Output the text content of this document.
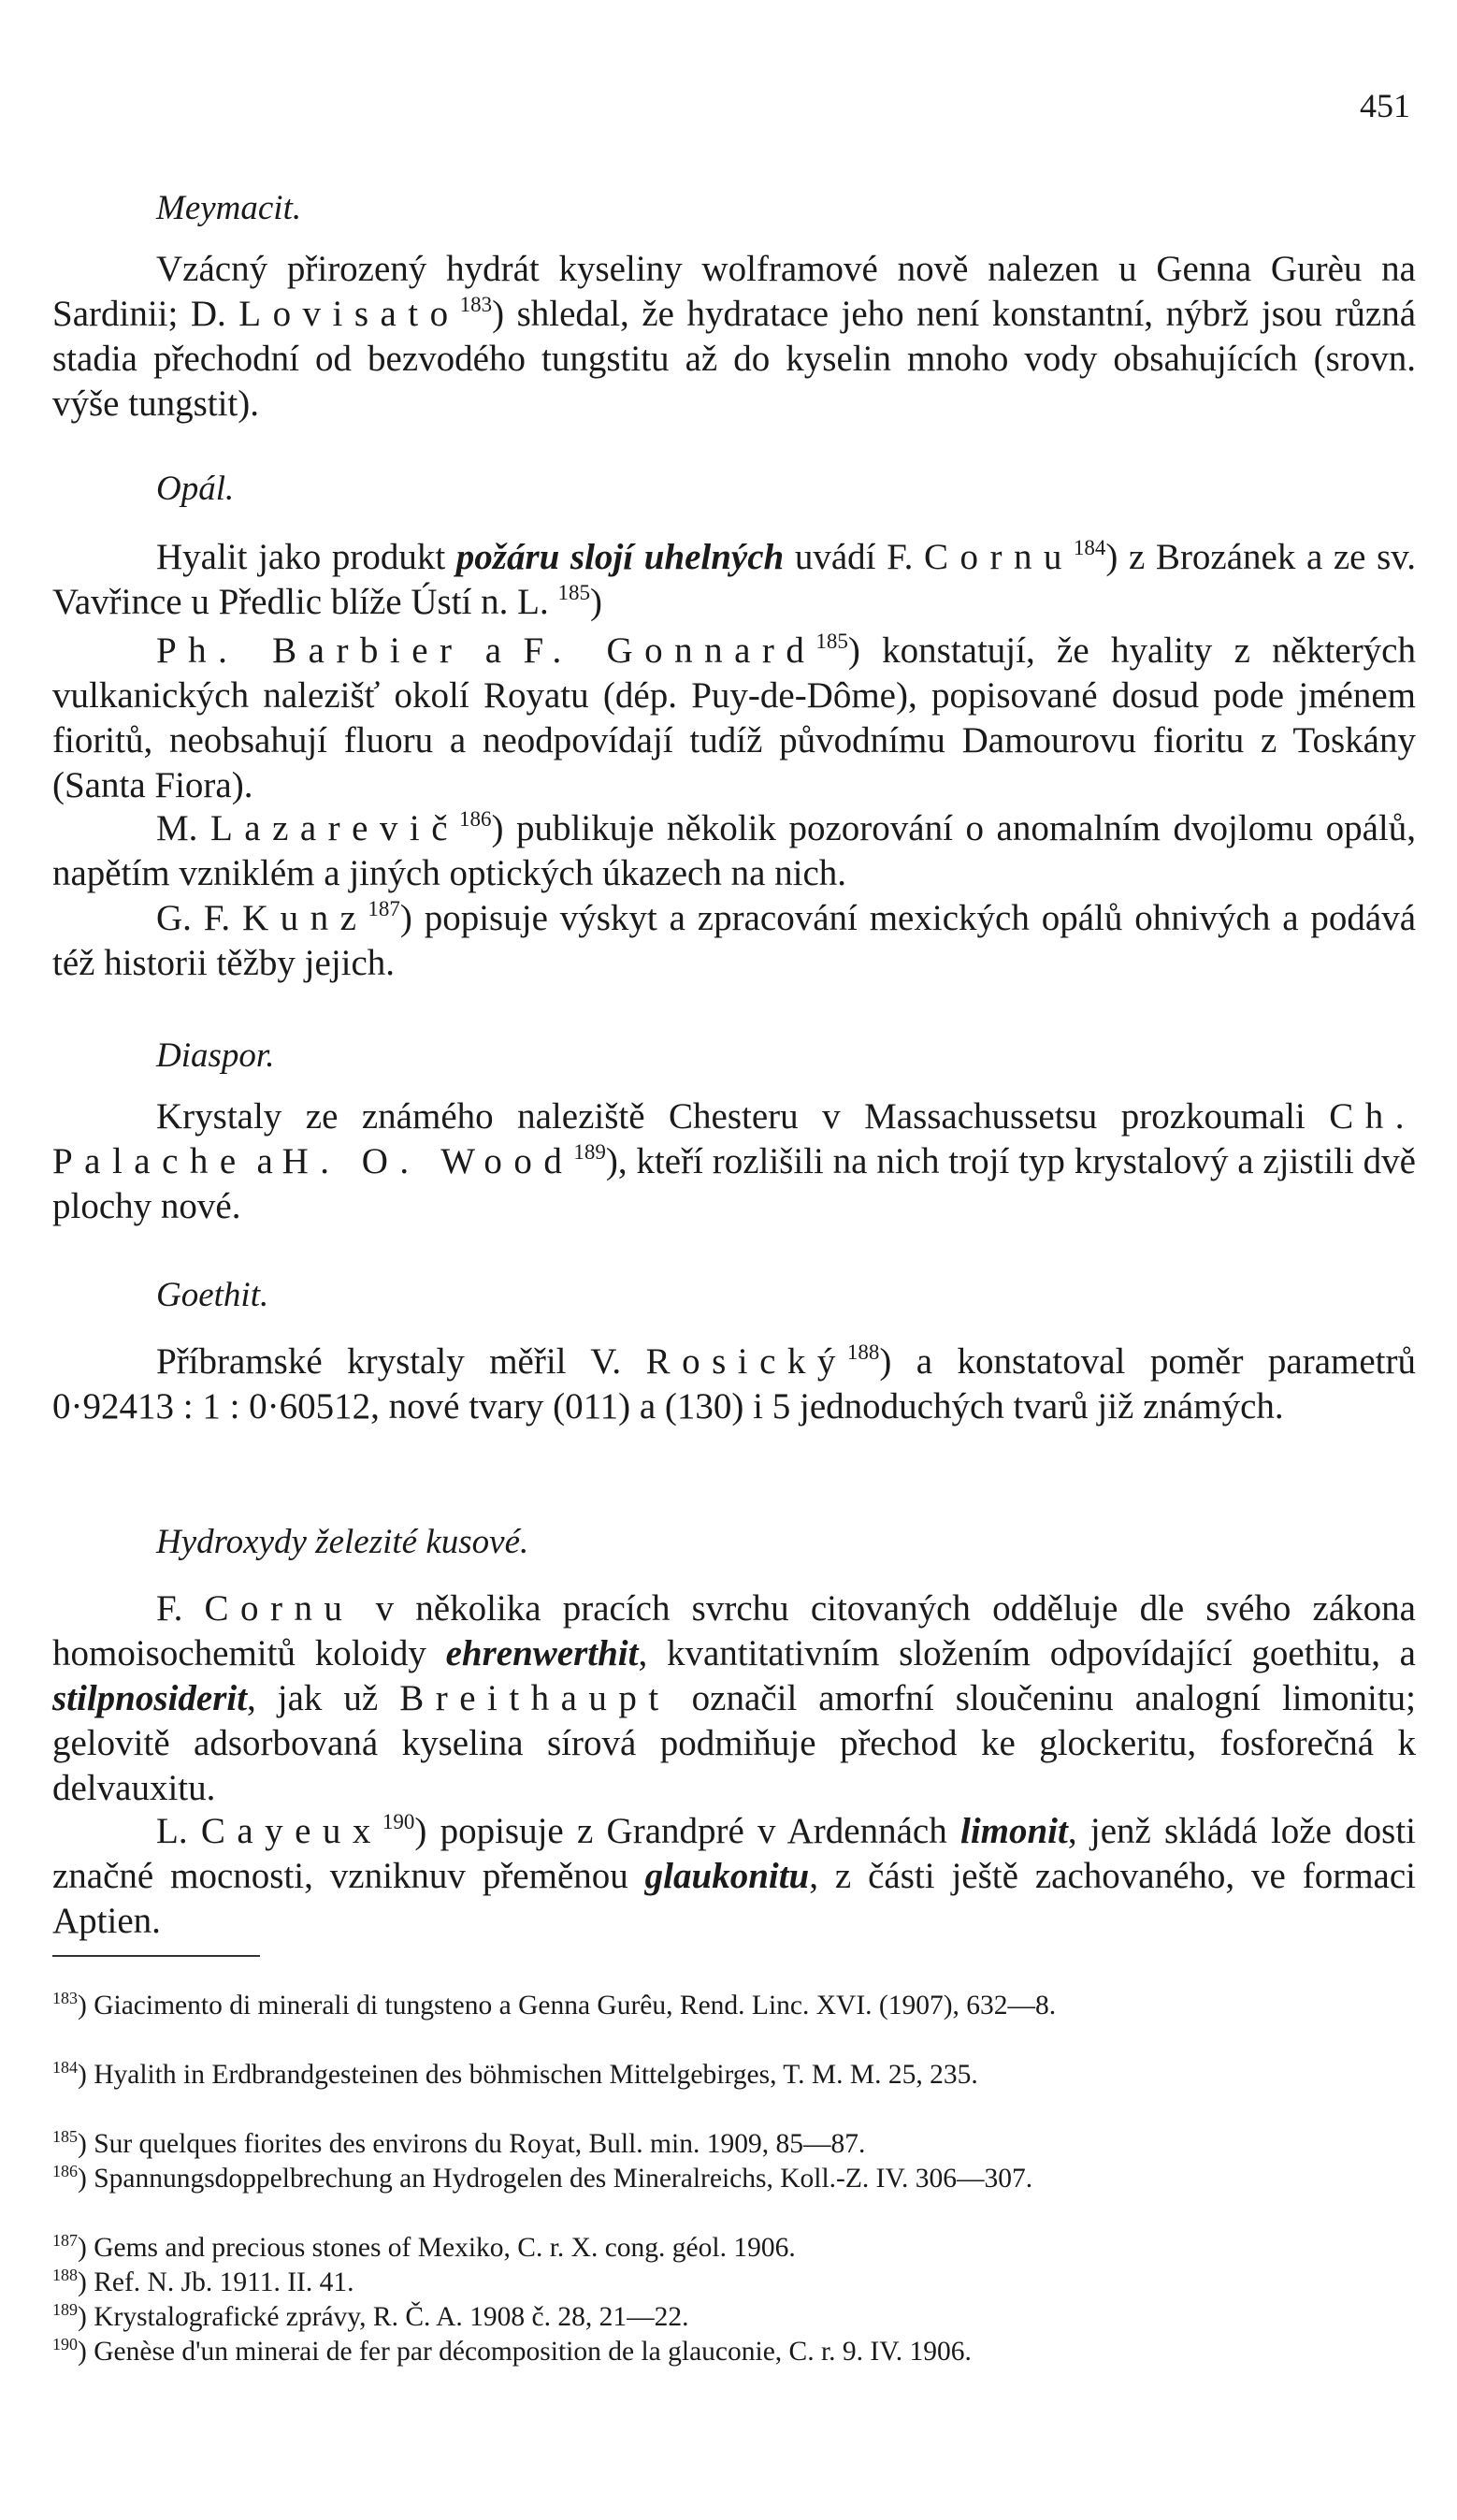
451
Meymacit.

Vzácný přirozený hydrát kyseliny wolframové nově nalezen u Genna Gurèu na Sardinii; D. Lovisato$^{183}$) shledal, že hydratace jeho není konstantní, nýbrž jsou různá stadia přechodní od bezvodého tungstitu až do kyselin mnoho vody obsahujících (srovn. výše tungstit).

Opál.

Hyalit jako produkt požáru slojí uhelných uvádí F. Cornu$^{184}$) z Brozánek a ze sv. Vavřince u Předlic blíže Ústí n. L. $^{185}$)

Ph. Barbier a F. Gonnard$^{185}$) konstatují, že hyality z některých vulkanických nalezišť okolí Royatu (dép. Puy-de-Dôme), popisované dosud pode jménem fioritů, neobsahují fluoru a neodpovídají tudíž původnímu Damourovu fioritu z Toskány (Santa Fiora).

M. Lazarevič$^{186}$) publikuje několik pozorování o anomalním dvojlomu opálů, napětím vzniklém a jiných optických úkazech na nich.

G. F. Kunz$^{187}$) popisuje výskyt a zpracování mexických opálů ohnivých a podává též historii těžby jejich.

Diaspor.

Krystaly ze známého naleziště Chesteru v Massachussetsu prozkoumali Ch. Palache a H. O. Wood$^{189}$), kteří rozlišili na nich trojí typ krystalový a zjistili dvě plochy nové.

Goethit.

Příbramské krystaly měřil V. Rosický$^{188}$) a konstatoval poměr parametrů 0·92413 : 1 : 0·60512, nové tvary (011) a (130) i 5 jednoduchých tvarů již známých.

Hydroxydy železité kusové.

F. Cornu v několika pracích svrchu citovaných odděluje dle svého zákona homoisochemitů koloidy ehrenwerthit, kvantitativním složením odpovídající goethitu, a stilpnosiderit, jak už Breithaupt označil amorfní sloučeninu analogní limonitu; gelovitě adsorbovaná kyselina sírová podmiňuje přechod ke glockeritu, fosforečná k delvauxitu.

L. Cayeux$^{190}$) popisuje z Grandpré v Ardennách limonit, jenž skládá lože dosti značné mocnosti, vzniknuv přeměnou glaukonitu, z části ještě zachovaného, ve formaci Aptien.

$^{183}$) Giacimento di minerali di tungsteno a Genna Gurêu, Rend. Linc. XVI. (1907), 632—8.
$^{184}$) Hyalith in Erdbrandgesteinen des böhmischen Mittelgebirges, T. M. M. 25, 235.
$^{185}$) Sur quelques fiorites des environs du Royat, Bull. min. 1909, 85—87.
$^{186}$) Spannungsdoppelbrechung an Hydrogelen des Mineralreichs, Koll.-Z. IV. 306—307.
$^{187}$) Gems and precious stones of Mexiko, C. r. X. cong. géol. 1906.
$^{188}$) Ref. N. Jb. 1911. II. 41.
$^{189}$) Krystalografické zprávy, R. Č. A. 1908 č. 28, 21—22.
$^{190}$) Genèse d'un minerai de fer par décomposition de la glauconie, C. r. 9. IV. 1906.
